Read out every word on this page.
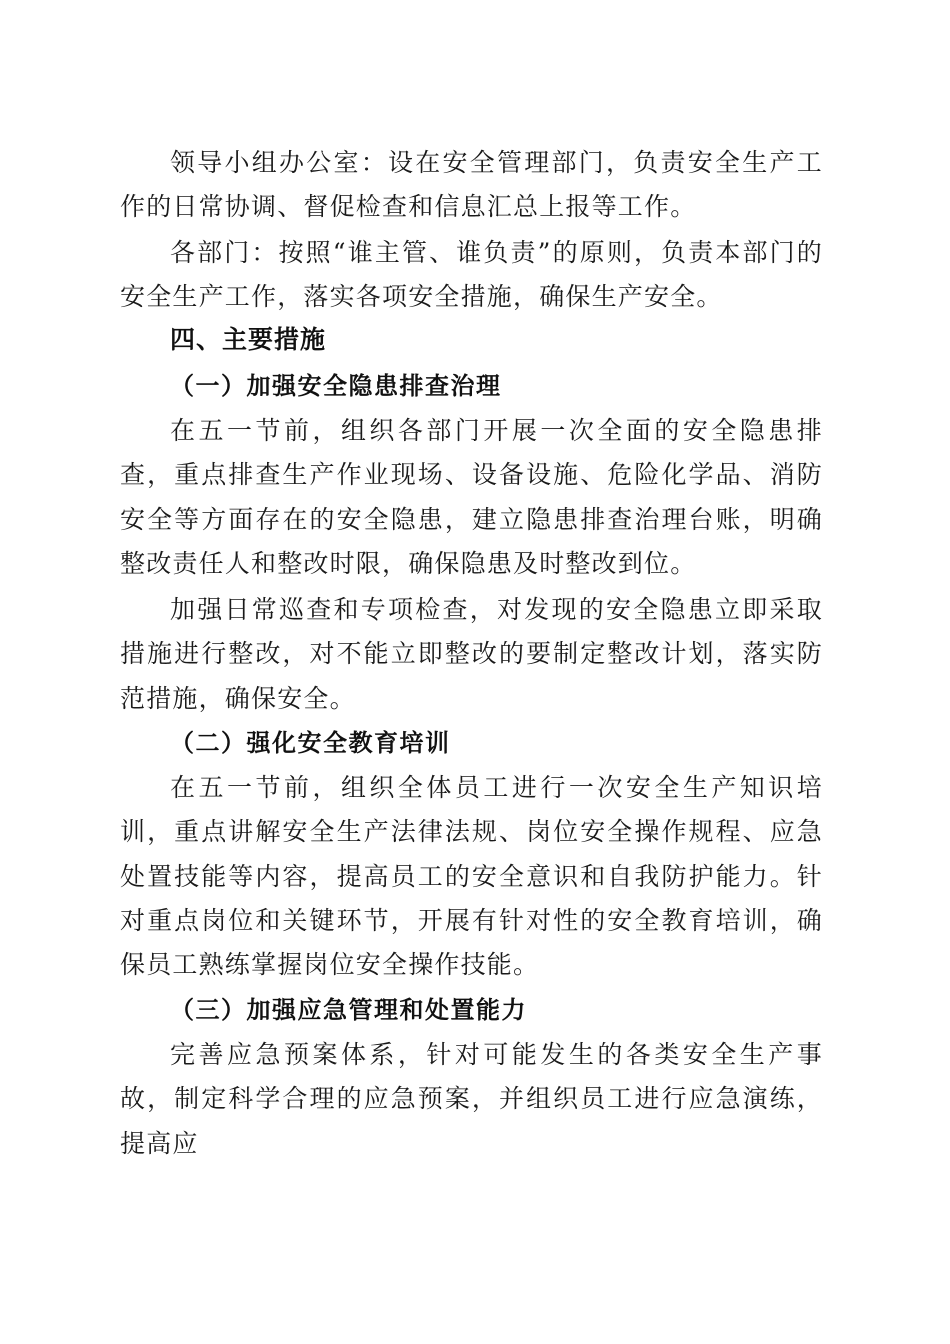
领导小组办公室：设在安全管理部门，负责安全生产工作的日常协调、督促检查和信息汇总上报等工作。

各部门：按照“谁主管、谁负责”的原则，负责本部门的安全生产工作，落实各项安全措施，确保生产安全。

四、主要措施

（一）加强安全隐患排查治理

在五一节前，组织各部门开展一次全面的安全隐患排查，重点排查生产作业现场、设备设施、危险化学品、消防安全等方面存在的安全隐患，建立隐患排查治理台账，明确整改责任人和整改时限，确保隐患及时整改到位。

加强日常巡查和专项检查，对发现的安全隐患立即采取措施进行整改，对不能立即整改的要制定整改计划，落实防范措施，确保安全。

（二）强化安全教育培训

在五一节前，组织全体员工进行一次安全生产知识培训，重点讲解安全生产法律法规、岗位安全操作规程、应急处置技能等内容，提高员工的安全意识和自我防护能力。针对重点岗位和关键环节，开展有针对性的安全教育培训，确保员工熟练掌握岗位安全操作技能。

（三）加强应急管理和处置能力

完善应急预案体系，针对可能发生的各类安全生产事故，制定科学合理的应急预案，并组织员工进行应急演练，提高应
